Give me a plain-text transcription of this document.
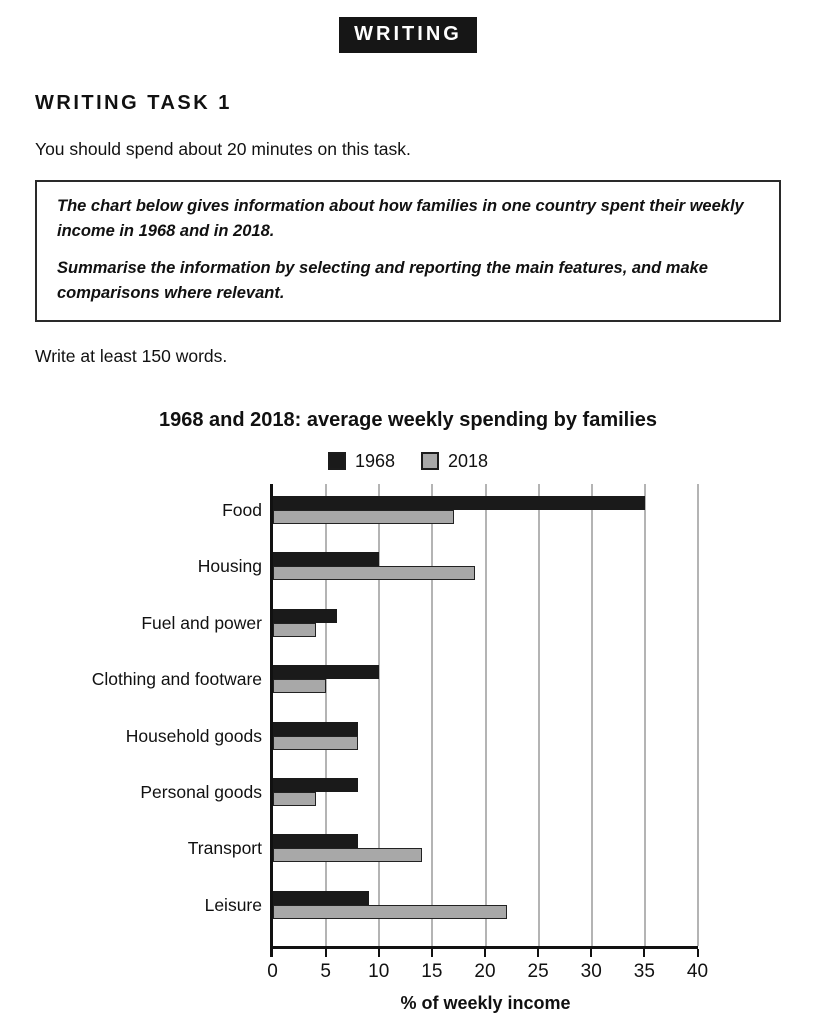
WRITING
WRITING TASK 1

You should spend about 20 minutes on this task.

The chart below gives information about how families in one country spent their weekly income in 1968 and in 2018.

Summarise the information by selecting and reporting the main features, and make comparisons where relevant.

Write at least 150 words.

1968 and 2018: average weekly spending by families
1968	2018
Food
Housing
Fuel and power
Clothing and footware
Household goods
Personal goods
Transport
Leisure
% of weekly income
0	5	10	15	20	25	30	35	40
